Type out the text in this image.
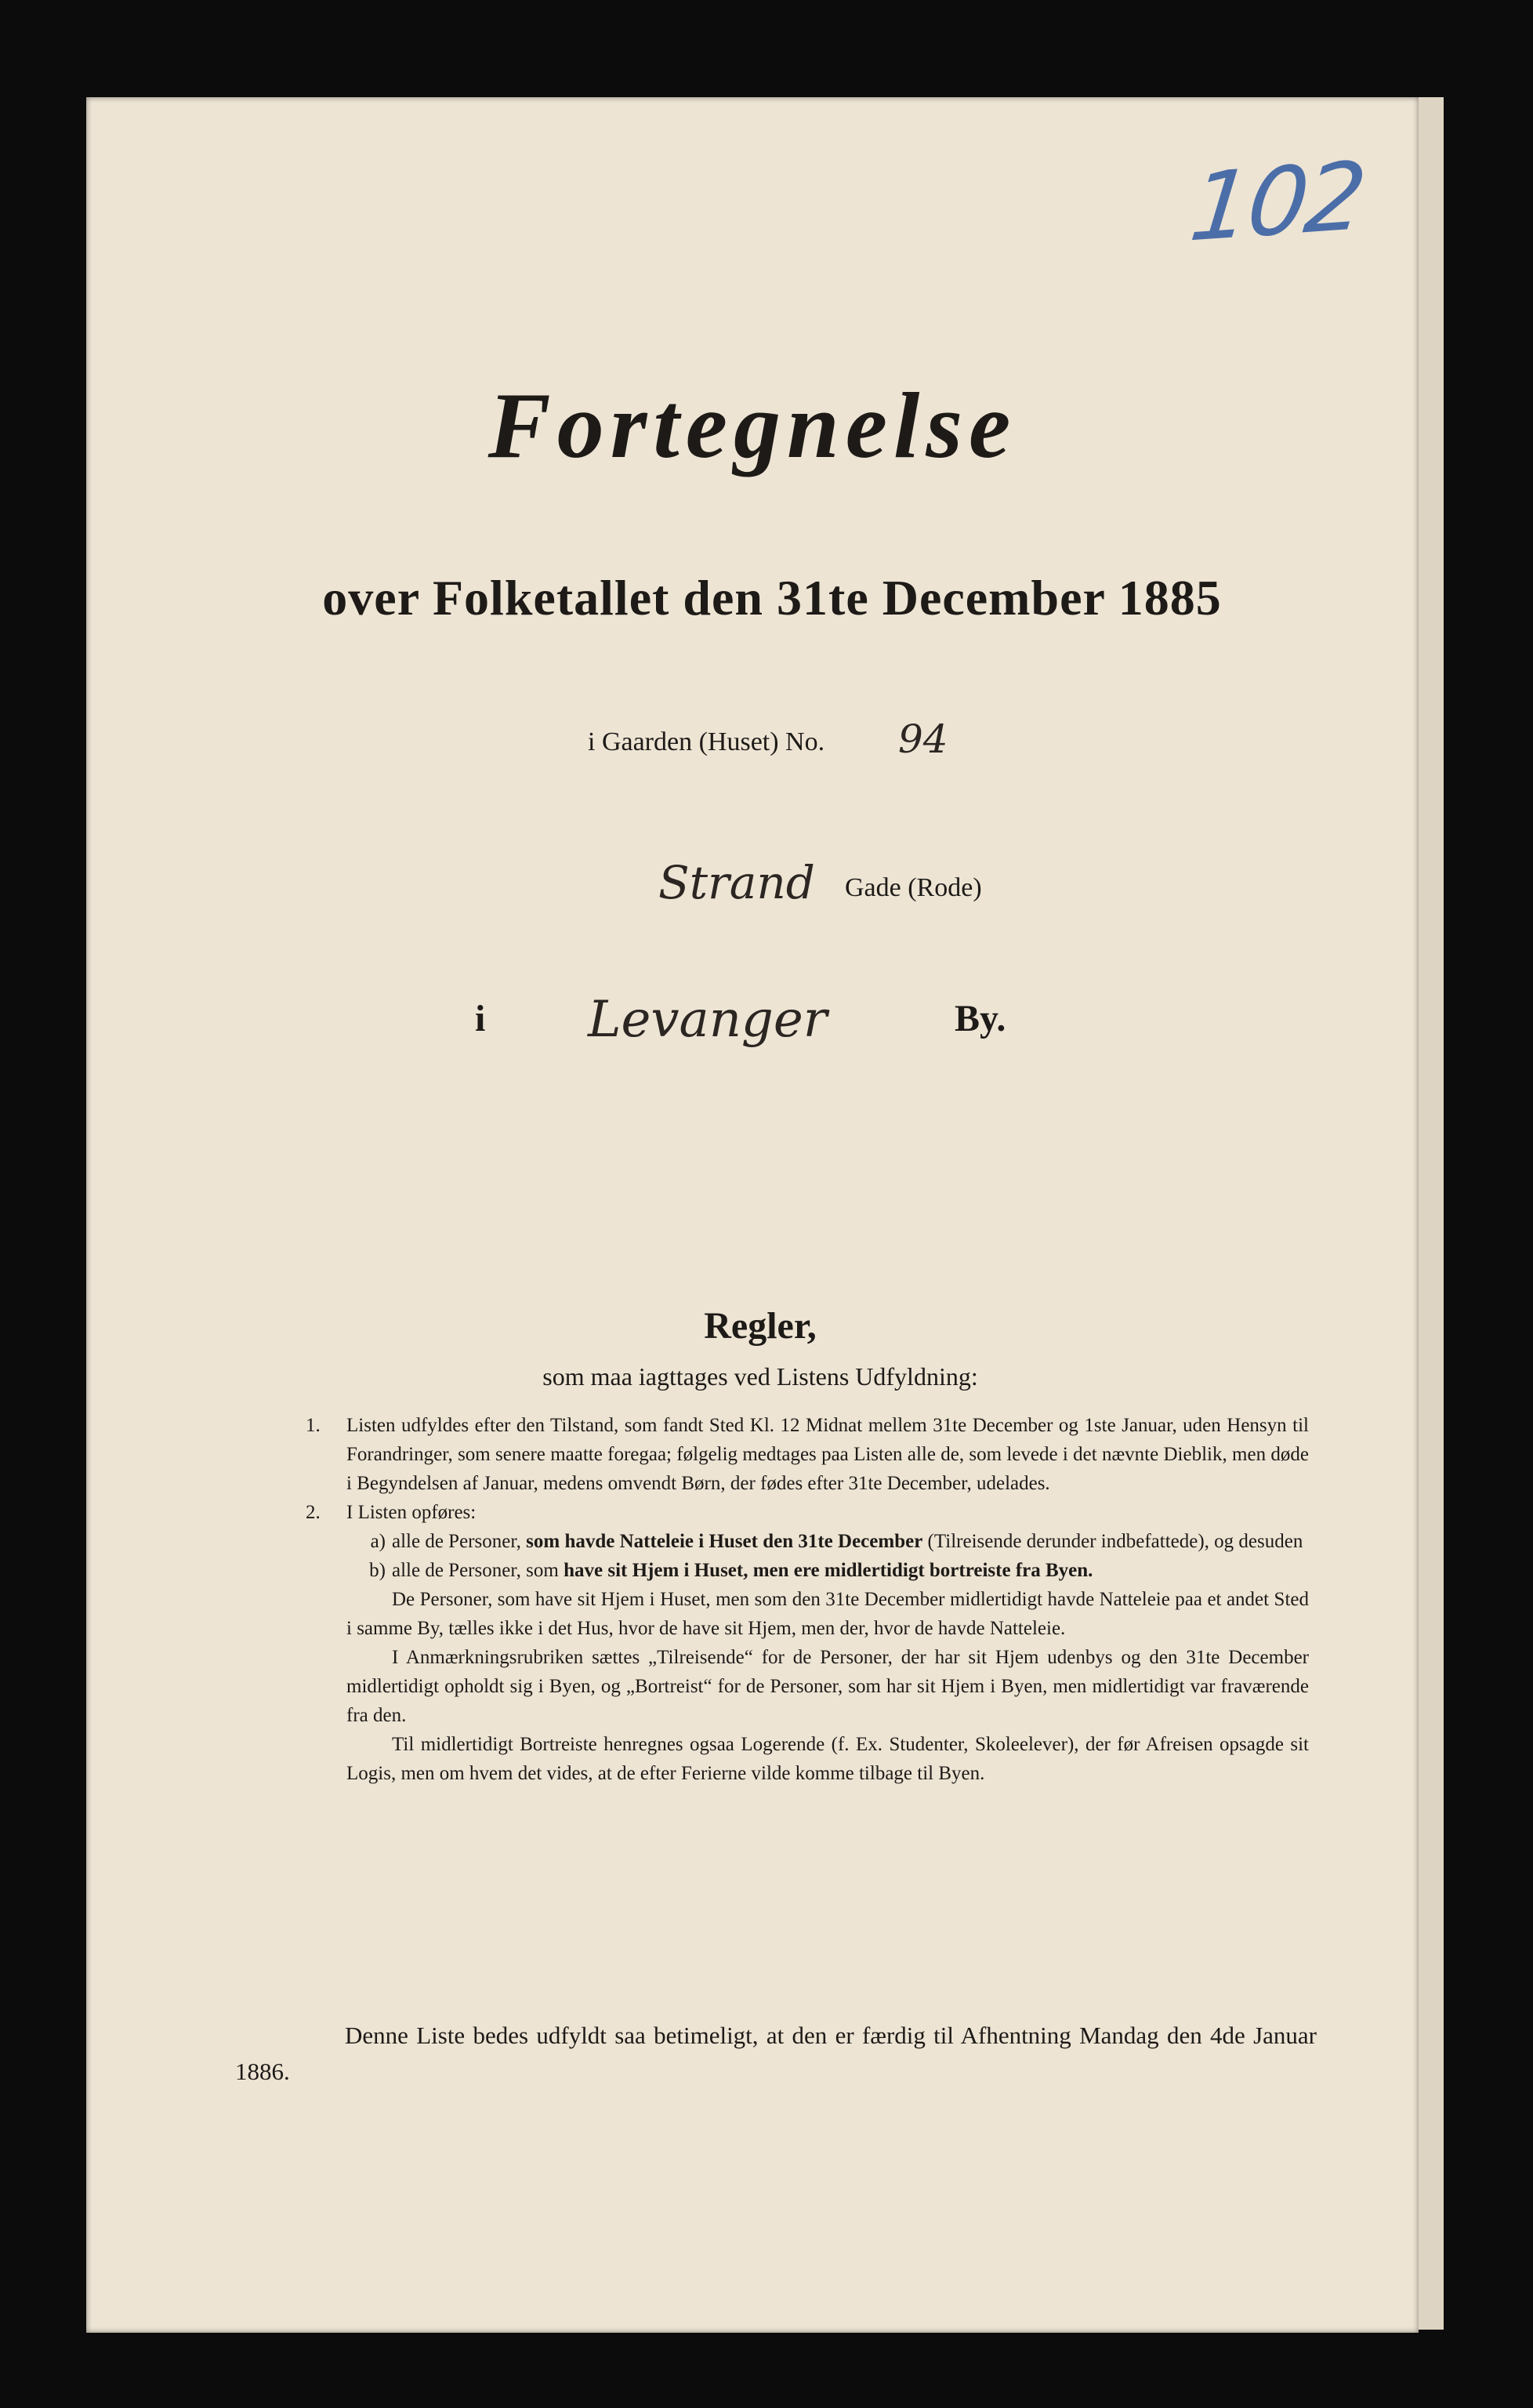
102
Fortegnelse
over Folketallet den 31te December 1885
i Gaarden (Huset) No. 94
Strand Gade (Rode)
i Levanger	By.
Regler,
som maa iagttages ved Listens Udfyldning:
1.	Listen udfyldes efter den Tilstand, som fandt Sted Kl. 12 Midnat mellem 31te December og 1ste Januar, uden Hensyn til Forandringer, som senere maatte foregaa; følgelig medtages paa Listen alle de, som levede i det nævnte Dieblik, men døde i Begyndelsen af Januar, medens omvendt Børn, der fødes efter 31te December, udelades.
2.	I Listen opføres:
a) alle de Personer, som havde Natteleie i Huset den 31te December (Tilreisende derunder indbefattede), og desuden
b) alle de Personer, som have sit Hjem i Huset, men ere midlertidigt bortreiste fra Byen.
De Personer, som have sit Hjem i Huset, men som den 31te December midlertidigt havde Natteleie paa et andet Sted i samme By, tælles ikke i det Hus, hvor de have sit Hjem, men der, hvor de havde Natteleie.
I Anmærkningsrubriken sættes „Tilreisende“ for de Personer, der har sit Hjem udenbys og den 31te December midlertidigt opholdt sig i Byen, og „Bortreist“ for de Personer, som har sit Hjem i Byen, men midlertidigt var fraværende fra den.
Til midlertidigt Bortreiste henregnes ogsaa Logerende (f. Ex. Studenter, Skoleelever), der før Afreisen opsagde sit Logis, men om hvem det vides, at de efter Ferierne vilde komme tilbage til Byen.
Denne Liste bedes udfyldt saa betimeligt, at den er færdig til Afhentning Mandag den 4de Januar 1886.
